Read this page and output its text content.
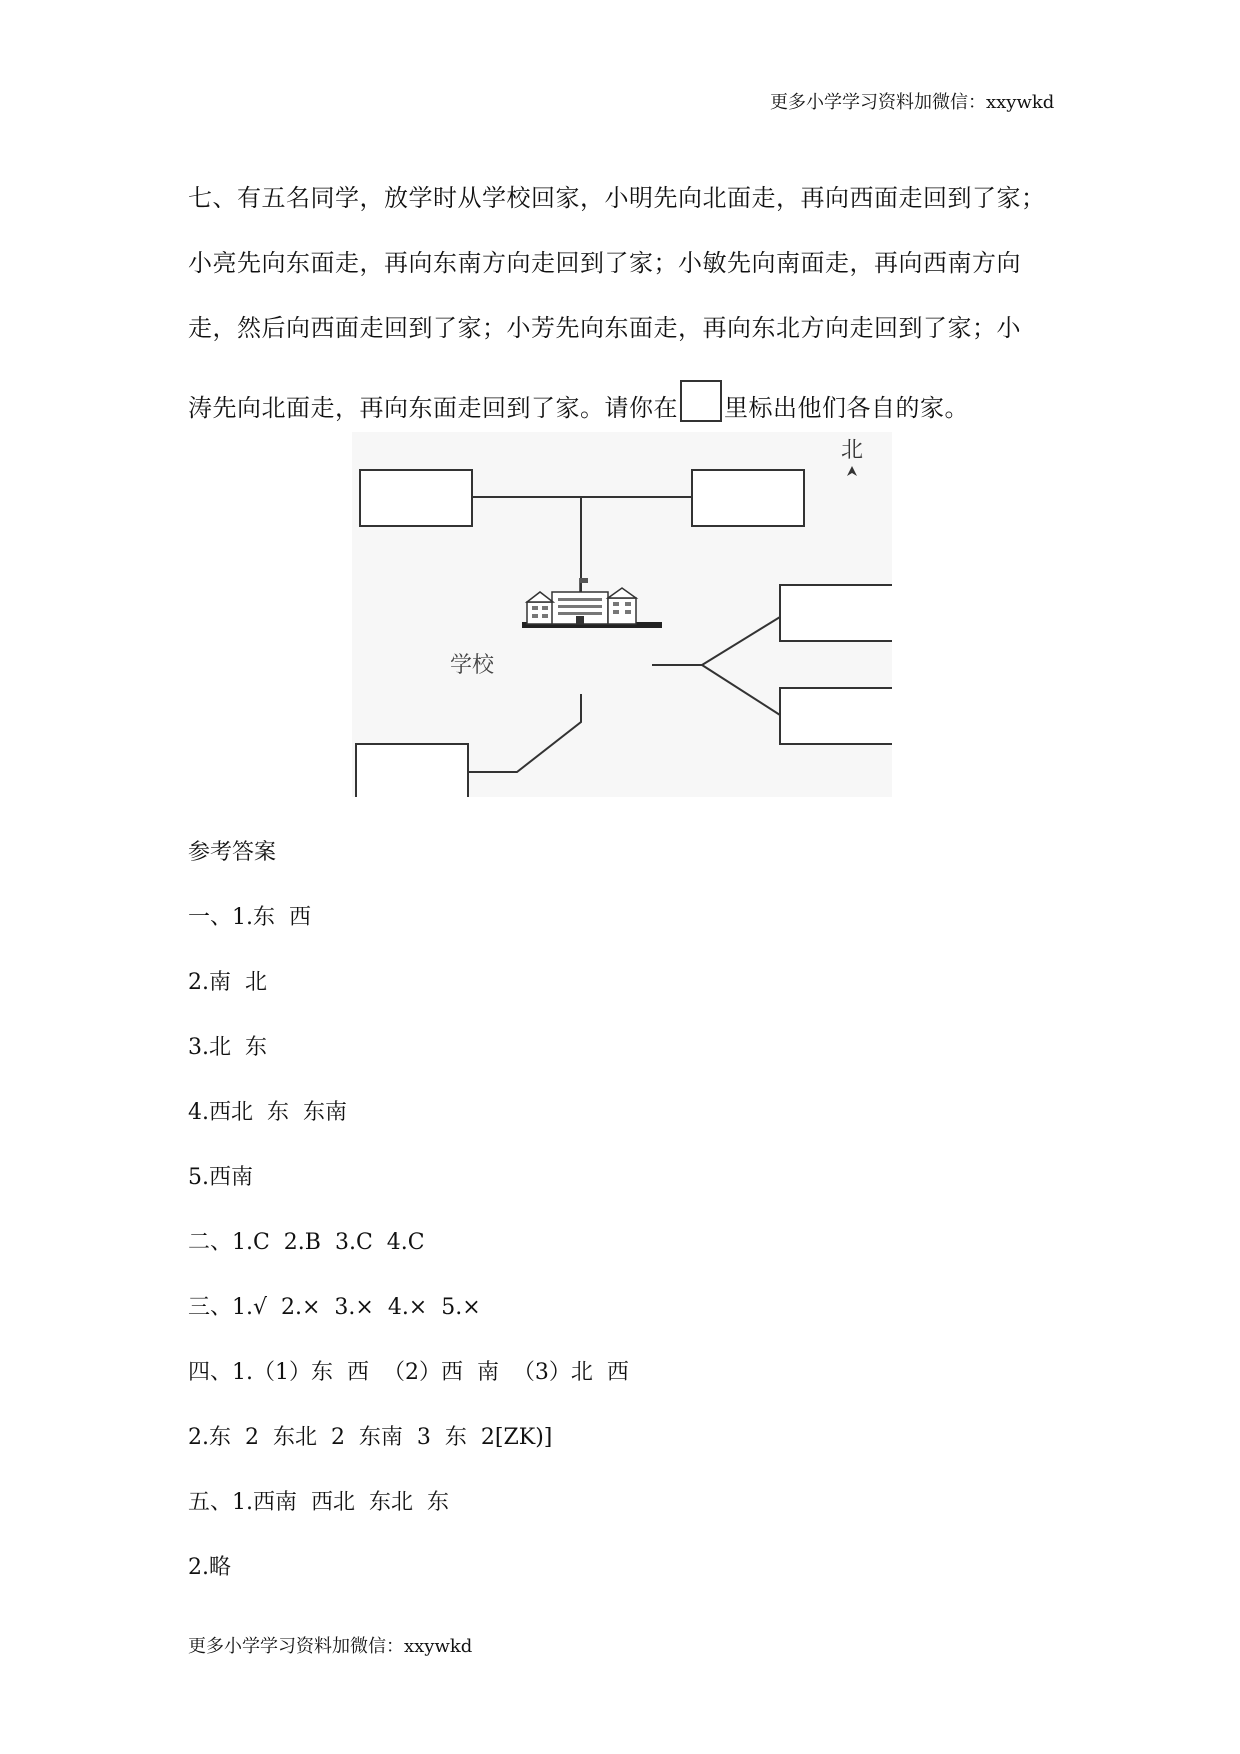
更多小学学习资料加微信：xxywkd
七、有五名同学，放学时从学校回家，小明先向北面走，再向西面走回到了家；
小亮先向东面走，再向东南方向走回到了家；小敏先向南面走，再向西南方向
走，然后向西面走回到了家；小芳先向东面走，再向东北方向走回到了家；小
涛先向北面走，再向东面走回到了家。请你在 里标出他们各自的家。
北
学校
参考答案
一、1.东  西
2.南  北
3.北  东
4.西北  东  东南
5.西南
二、1.C  2.B  3.C  4.C
三、1.√  2.×  3.×  4.×  5.×
四、1.（1）东  西  （2）西  南  （3）北  西
2.东  2  东北  2  东南  3  东  2[ZK)]
五、1.西南  西北  东北  东
2.略
更多小学学习资料加微信：xxywkd
